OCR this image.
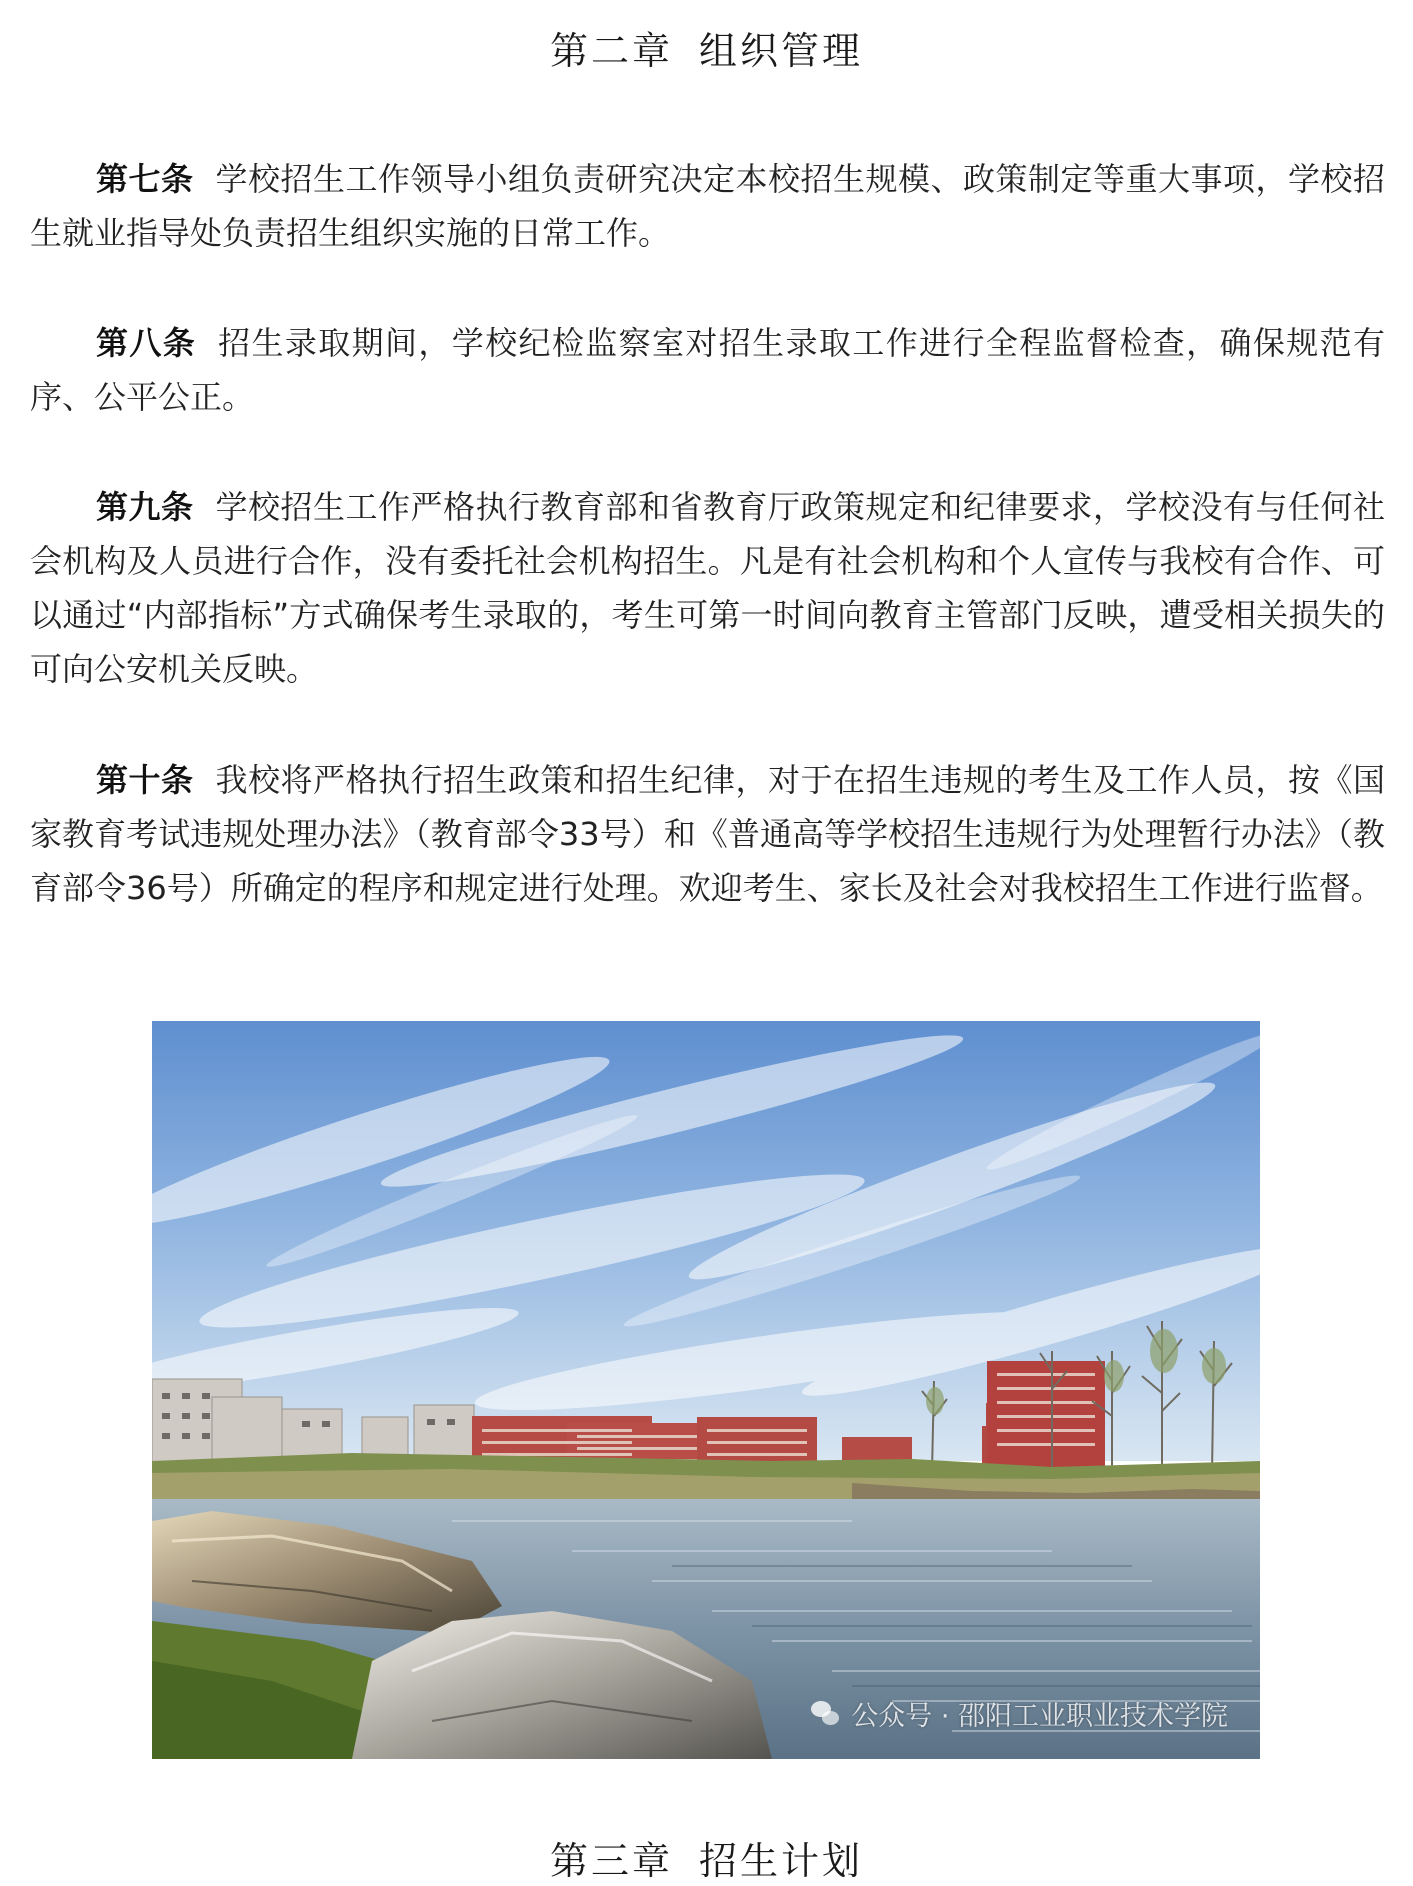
第二章 组织管理

第七条 学校招生工作领导小组负责研究决定本校招生规模、政策制定等重大事项，学校招生就业指导处负责招生组织实施的日常工作。

第八条 招生录取期间，学校纪检监察室对招生录取工作进行全程监督检查，确保规范有序、公平公正。

第九条 学校招生工作严格执行教育部和省教育厅政策规定和纪律要求，学校没有与任何社会机构及人员进行合作，没有委托社会机构招生。凡是有社会机构和个人宣传与我校有合作、可以通过“内部指标”方式确保考生录取的，考生可第一时间向教育主管部门反映，遭受相关损失的可向公安机关反映。

第十条 我校将严格执行招生政策和招生纪律，对于在招生违规的考生及工作人员，按《国家教育考试违规处理办法》（教育部令33号）和《普通高等学校招生违规行为处理暂行办法》（教育部令36号）所确定的程序和规定进行处理。欢迎考生、家长及社会对我校招生工作进行监督。

公众号 · 邵阳工业职业技术学院
第三章 招生计划
